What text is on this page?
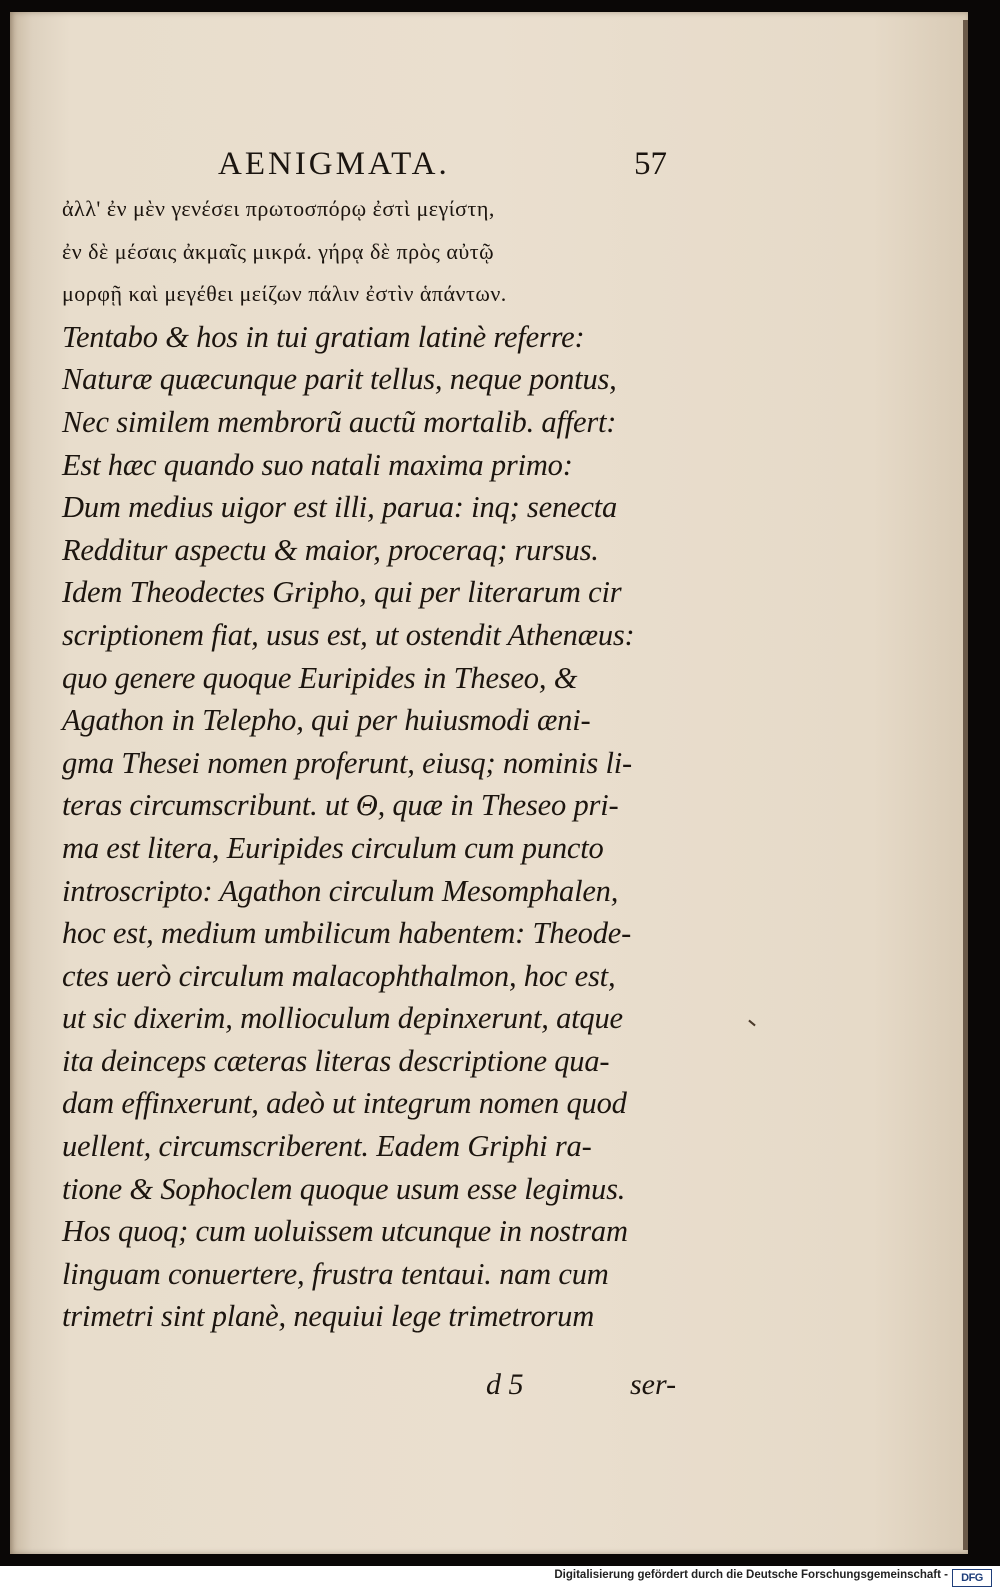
AENIGMATA.	57
ἀλλ' ἐν μὲν γενέσει πρωτοσπόρῳ ἐστὶ μεγίστη,
ἐν δὲ μέσαις ἀκμαῖς μικρά. γήρᾳ δὲ πρὸς αὐτῷ
μορφῇ καὶ μεγέθει μείζων πάλιν ἐστὶν ἁπάντων.
Tentabo & hos in tui gratiam latinè referre:
Naturæ quæcunque parit tellus, neque pontus,
Nec similem membrorũ auctũ mortalib. affert:
Est hæc quando suo natali maxima primo:
Dum medius uigor est illi, parua: inq; senecta
Redditur aspectu & maior, proceraq; rursus.
Idem Theodectes Gripho, qui per literarum cir
scriptionem fiat, usus est, ut ostendit Athenæus:
quo genere quoque Euripides in Theseo, &
Agathon in Telepho, qui per huiusmodi æni-
gma Thesei nomen proferunt, eiusq; nominis li-
teras circumscribunt. ut Θ, quæ in Theseo pri-
ma est litera, Euripides circulum cum puncto
introscripto: Agathon circulum Mesomphalen,
hoc est, medium umbilicum habentem: Theode-
ctes uerò circulum malacophthalmon, hoc est,
ut sic dixerim, mollioculum depinxerunt, atque
ita deinceps cæteras literas descriptione qua-
dam effinxerunt, adeò ut integrum nomen quod
uellent, circumscriberent. Eadem Griphi ra-
tione & Sophoclem quoque usum esse legimus.
Hos quoq; cum uoluissem utcunque in nostram
linguam conuertere, frustra tentaui. nam cum
trimetri sint planè, nequiui lege trimetrorum
d 5	ser-
Digitalisierung gefördert durch die Deutsche Forschungsgemeinschaft -	DFG
